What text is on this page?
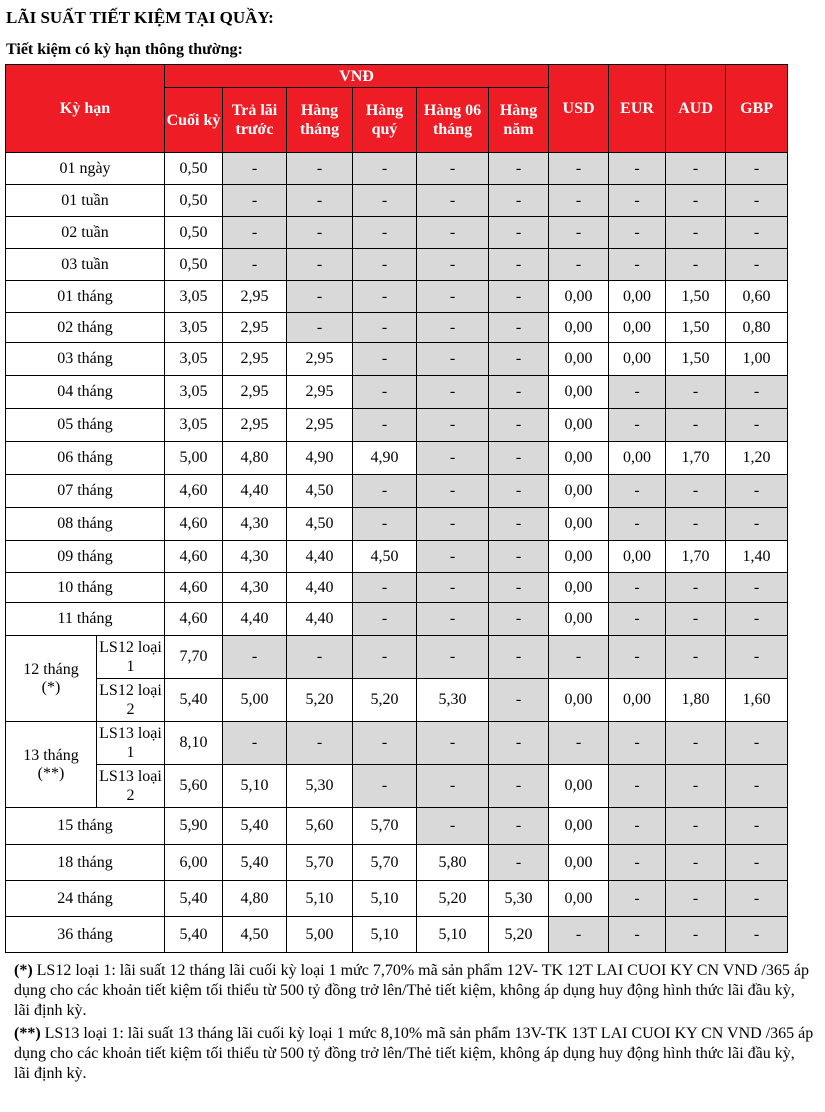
LÃI SUẤT TIẾT KIỆM TẠI QUẦY:
Tiết kiệm có kỳ hạn thông thường:
Kỳ hạn		VNĐ						USD	EUR	AUD	GBP
		Cuối kỳ	Trả lãi trước	Hàng tháng	Hàng quý	Hàng 06 tháng	Hàng năm				
01 ngày		0,50	-	-	-	-	-	-	-	-	-
01 tuần		0,50	-	-	-	-	-	-	-	-	-
02 tuần		0,50	-	-	-	-	-	-	-	-	-
03 tuần		0,50	-	-	-	-	-	-	-	-	-
01 tháng		3,05	2,95	-	-	-	-	0,00	0,00	1,50	0,60
02 tháng		3,05	2,95	-	-	-	-	0,00	0,00	1,50	0,80
03 tháng		3,05	2,95	2,95	-	-	-	0,00	0,00	1,50	1,00
04 tháng		3,05	2,95	2,95	-	-	-	0,00	-	-	-
05 tháng		3,05	2,95	2,95	-	-	-	0,00	-	-	-
06 tháng		5,00	4,80	4,90	4,90	-	-	0,00	0,00	1,70	1,20
07 tháng		4,60	4,40	4,50	-	-	-	0,00	-	-	-
08 tháng		4,60	4,30	4,50	-	-	-	0,00	-	-	-
09 tháng		4,60	4,30	4,40	4,50	-	-	0,00	0,00	1,70	1,40
10 tháng		4,60	4,30	4,40	-	-	-	0,00	-	-	-
11 tháng		4,60	4,40	4,40	-	-	-	0,00	-	-	-

12 tháng
(*)	LS12 loại 1	7,70	-	-	-	-	-	-	-	-	-
	LS12 loại 2	5,40	5,00	5,20	5,20	5,30	-	0,00	0,00	1,80	1,60

13 tháng
(**)	LS13 loại 1	8,10	-	-	-	-	-	-	-	-	-
	LS13 loại 2	5,60	5,10	5,30	-	-	-	0,00	-	-	-
15 tháng		5,90	5,40	5,60	5,70	-	-	0,00	-	-	-
18 tháng		6,00	5,40	5,70	5,70	5,80	-	0,00	-	-	-
24 tháng		5,40	4,80	5,10	5,10	5,20	5,30	0,00	-	-	-
36 tháng		5,40	4,50	5,00	5,10	5,10	5,20	-	-	-	-

(*) LS12 loại 1: lãi suất 12 tháng lãi cuối kỳ loại 1 mức 7,70% mã sản phẩm 12V- TK 12T LAI CUOI KY CN VND /365 áp dụng cho các khoản tiết kiệm tối thiểu từ 500 tỷ đồng trở lên/Thẻ tiết kiệm, không áp dụng huy động hình thức lãi đầu kỳ, lãi định kỳ.

(**) LS13 loại 1: lãi suất 13 tháng lãi cuối kỳ loại 1 mức 8,10% mã sản phẩm 13V-TK 13T LAI CUOI KY CN VND /365 áp dụng cho các khoản tiết kiệm tối thiểu từ 500 tỷ đồng trở lên/Thẻ tiết kiệm, không áp dụng huy động hình thức lãi đầu kỳ, lãi định kỳ.
